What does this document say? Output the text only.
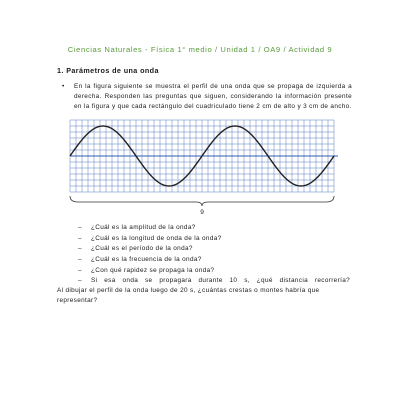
Ciencias Naturales - Física 1° medio / Unidad 1 / OA9 / Actividad 9
1. Parámetros de una onda
• En la figura siguiente se muestra el perfil de una onda que se propaga de izquierda a derecha. Responden las preguntas que siguen, considerando la información presente en la figura y que cada rectángulo del cuadriculado tiene 2 cm de alto y 3 cm de ancho.
9
– ¿Cuál es la amplitud de la onda?
– ¿Cuál es la longitud de onda de la onda?
– ¿Cuál es el período de la onda?
– ¿Cuál es la frecuencia de la onda?
– ¿Con qué rapidez se propaga la onda?
– Si esa onda se propagara durante 10 s, ¿qué distancia recorrería?
Al dibujar el perfil de la onda luego de 20 s, ¿cuántas crestas o montes habría que representar?
